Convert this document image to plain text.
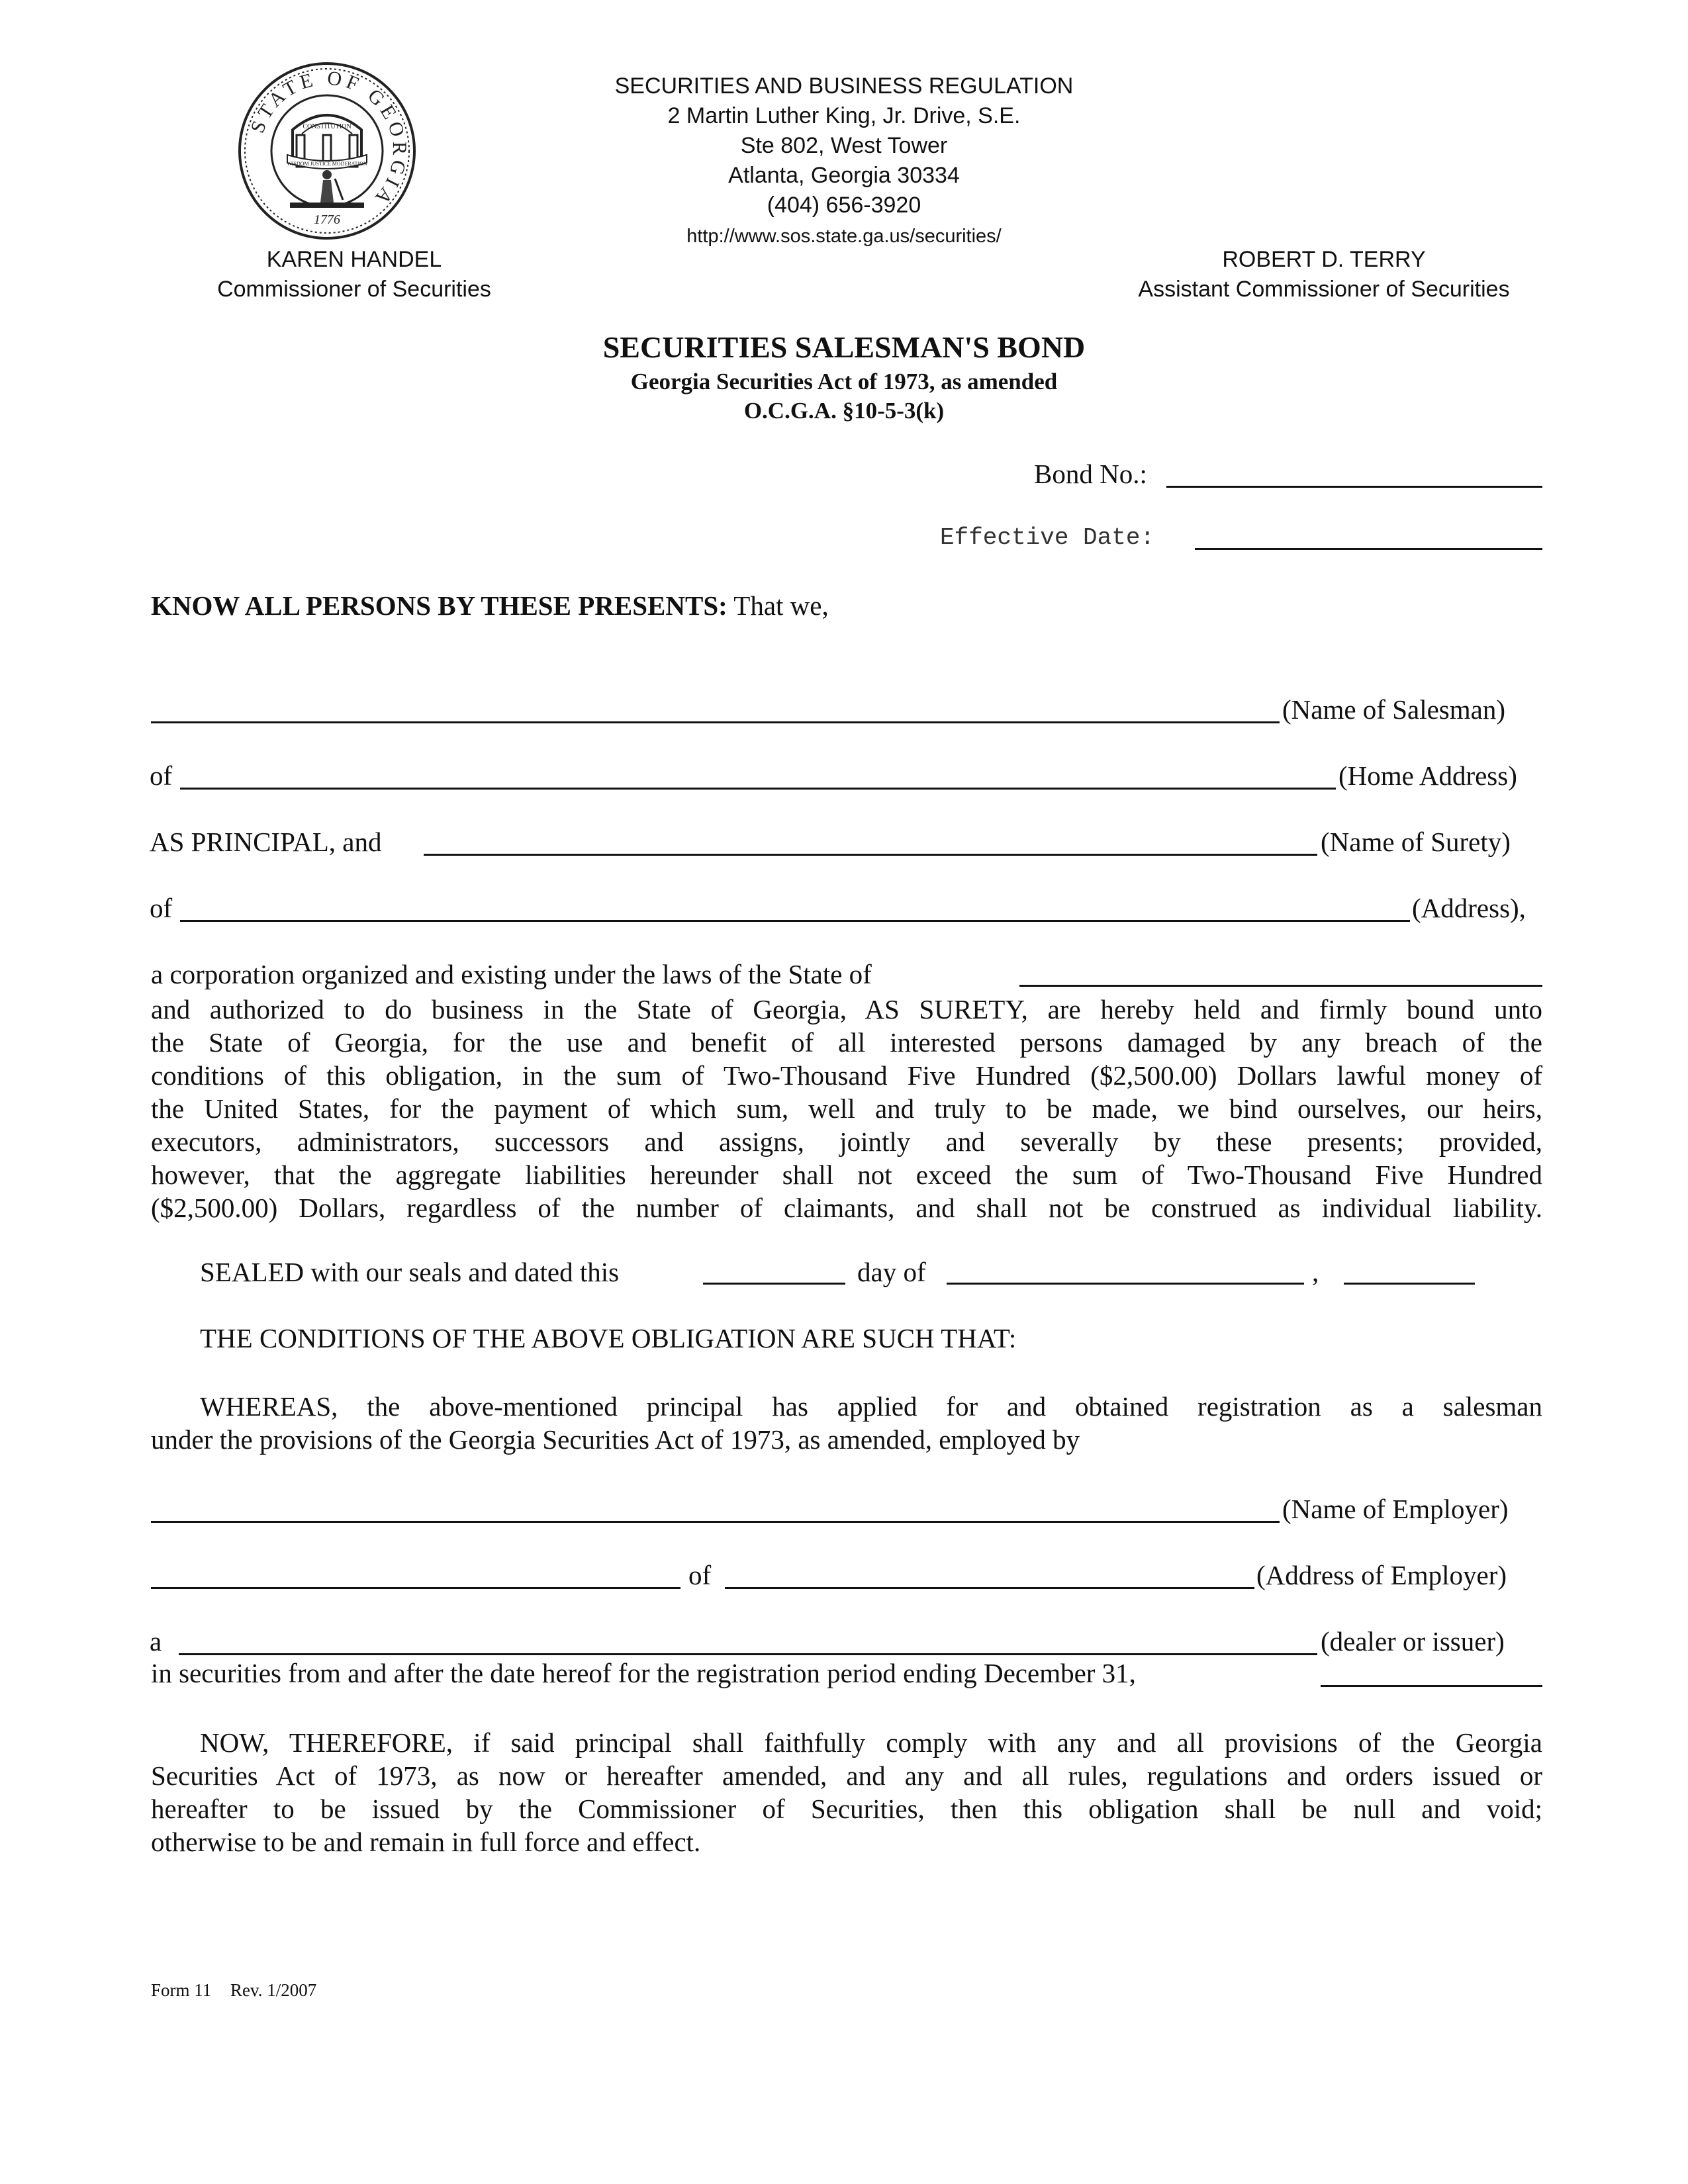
STATE OF GEORGIA
CONSTITUTION
WISDOM JUSTICE MODERATION
1776
SECURITIES AND BUSINESS REGULATION
2 Martin Luther King, Jr. Drive, S.E.
Ste 802, West Tower
Atlanta, Georgia 30334
(404) 656-3920
http://www.sos.state.ga.us/securities/
KAREN HANDEL
Commissioner of Securities
ROBERT D. TERRY
Assistant Commissioner of Securities
SECURITIES SALESMAN'S BOND
Georgia Securities Act of 1973, as amended
O.C.G.A. §10-5-3(k)
Bond No.:
Effective Date:
KNOW ALL PERSONS BY THESE PRESENTS: That we,
(Name of Salesman)
of	(Home Address)
AS PRINCIPAL, and	(Name of Surety)
of	(Address),
a corporation organized and existing under the laws of the State of
and authorized to do business in the State of Georgia, AS SURETY, are hereby held and firmly bound unto
the State of Georgia, for the use and benefit of all interested persons damaged by any breach of the
conditions of this obligation, in the sum of Two-Thousand Five Hundred ($2,500.00) Dollars lawful money of
the United States, for the payment of which sum, well and truly to be made, we bind ourselves, our heirs,
executors, administrators, successors and assigns, jointly and severally by these presents; provided,
however, that the aggregate liabilities hereunder shall not exceed the sum of Two-Thousand Five Hundred
($2,500.00) Dollars, regardless of the number of claimants, and shall not be construed as individual liability.
SEALED with our seals and dated this	day of	,
THE CONDITIONS OF THE ABOVE OBLIGATION ARE SUCH THAT:
WHEREAS, the above-mentioned principal has applied for and obtained registration as a salesman
under the provisions of the Georgia Securities Act of 1973, as amended, employed by
(Name of Employer)
of	(Address of Employer)
a	(dealer or issuer)
in securities from and after the date hereof for the registration period ending December 31,
NOW, THEREFORE, if said principal shall faithfully comply with any and all provisions of the Georgia
Securities Act of 1973, as now or hereafter amended, and any and all rules, regulations and orders issued or
hereafter to be issued by the Commissioner of Securities, then this obligation shall be null and void;
otherwise to be and remain in full force and effect.
Form 11 Rev. 1/2007
